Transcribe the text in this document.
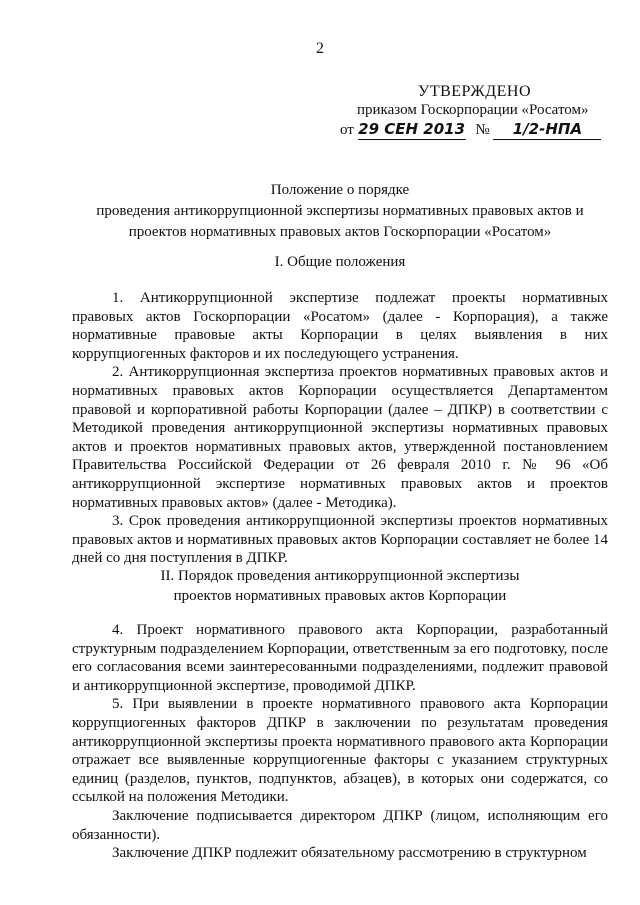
2
УТВЕРЖДЕНО
приказом Госкорпорации «Росатом»
от 29 СЕН 2013 № 1/2-НПА
Положение о порядке
проведения антикоррупционной экспертизы нормативных правовых актов и
проектов нормативных правовых актов Госкорпорации «Росатом»
I. Общие положения

1. Антикоррупционной экспертизе подлежат проекты нормативных правовых актов Госкорпорации «Росатом» (далее - Корпорация), а также нормативные правовые акты Корпорации в целях выявления в них коррупциогенных факторов и их последующего устранения.

2. Антикоррупционная экспертиза проектов нормативных правовых актов и нормативных правовых актов Корпорации осуществляется Департаментом правовой и корпоративной работы Корпорации (далее – ДПКР) в соответствии с Методикой проведения антикоррупционной экспертизы нормативных правовых актов и проектов нормативных правовых актов, утвержденной постановлением Правительства Российской Федерации от 26 февраля 2010 г. № 96 «Об антикоррупционной экспертизе нормативных правовых актов и проектов нормативных правовых актов» (далее - Методика).

3. Срок проведения антикоррупционной экспертизы проектов нормативных правовых актов и нормативных правовых актов Корпорации составляет не более 14 дней со дня поступления в ДПКР.

II. Порядок проведения антикоррупционной экспертизы
проектов нормативных правовых актов Корпорации

4. Проект нормативного правового акта Корпорации, разработанный структурным подразделением Корпорации, ответственным за его подготовку, после его согласования всеми заинтересованными подразделениями, подлежит правовой и антикоррупционной экспертизе, проводимой ДПКР.

5. При выявлении в проекте нормативного правового акта Корпорации коррупциогенных факторов ДПКР в заключении по результатам проведения антикоррупционной экспертизы проекта нормативного правового акта Корпорации отражает все выявленные коррупциогенные факторы с указанием структурных единиц (разделов, пунктов, подпунктов, абзацев), в которых они содержатся, со ссылкой на положения Методики.

Заключение подписывается директором ДПКР (лицом, исполняющим его обязанности).

Заключение ДПКР подлежит обязательному рассмотрению в структурном
